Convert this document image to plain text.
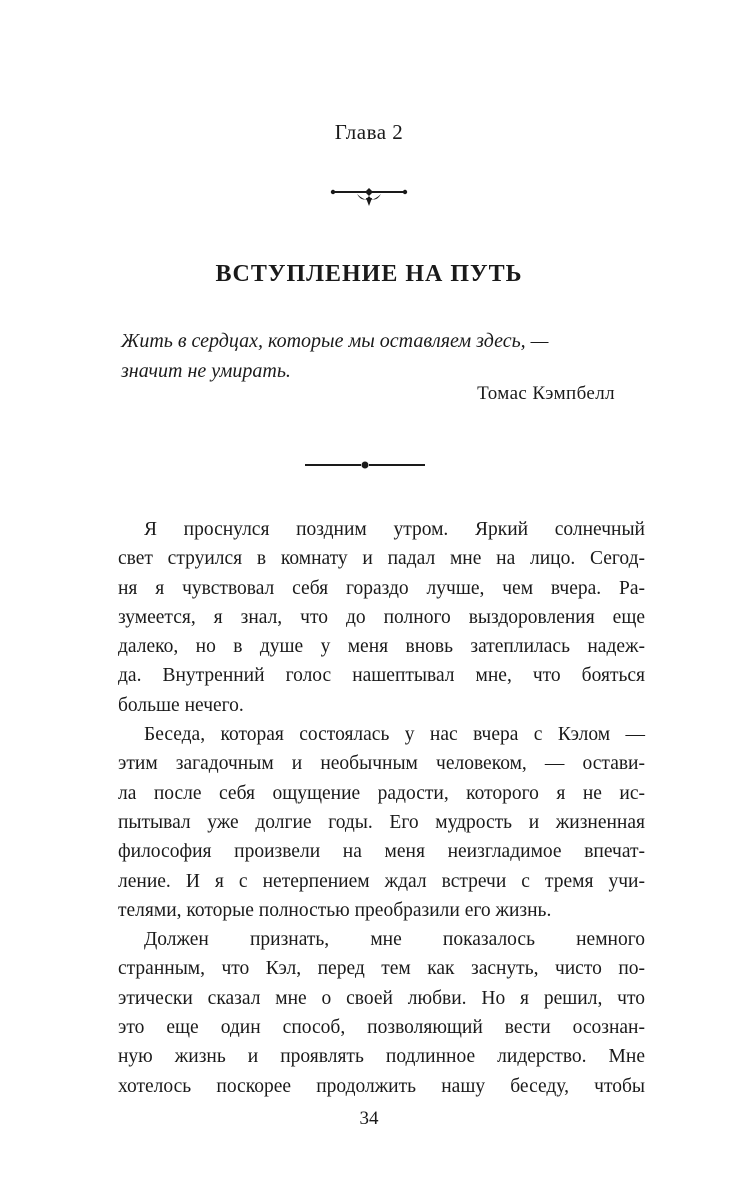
Глава 2
ВСТУПЛЕНИЕ НА ПУТЬ
Жить в сердцах, которые мы оставляем здесь, —
значит не умирать.
Томас Кэмпбелл
Я проснулся поздним утром. Яркий солнечный
свет струился в комнату и падал мне на лицо. Сегод-
ня я чувствовал себя гораздо лучше, чем вчера. Ра-
зумеется, я знал, что до полного выздоровления еще
далеко, но в душе у меня вновь затеплилась надеж-
да. Внутренний голос нашептывал мне, что бояться
больше нечего.
Беседа, которая состоялась у нас вчера с Кэлом —
этим загадочным и необычным человеком, — остави-
ла после себя ощущение радости, которого я не ис-
пытывал уже долгие годы. Его мудрость и жизненная
философия произвели на меня неизгладимое впечат-
ление. И я с нетерпением ждал встречи с тремя учи-
телями, которые полностью преобразили его жизнь.
Должен признать, мне показалось немного
странным, что Кэл, перед тем как заснуть, чисто по-
этически сказал мне о своей любви. Но я решил, что
это еще один способ, позволяющий вести осознан-
ную жизнь и проявлять подлинное лидерство. Мне
хотелось поскорее продолжить нашу беседу, чтобы
34
